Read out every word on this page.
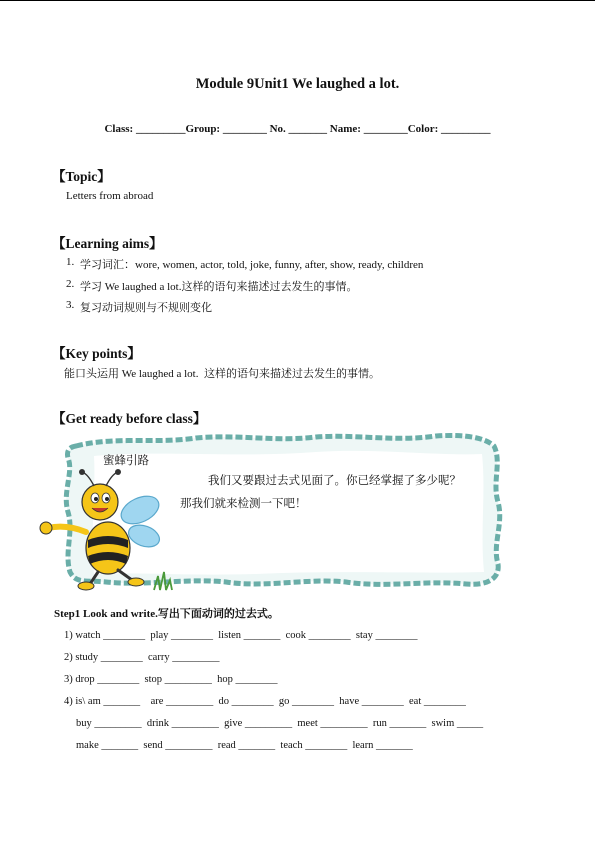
Module 9Unit1 We laughed a lot.
Class: _________Group: ________ No. _______ Name: ________Color: _________
【Topic】
Letters from abroad
【Learning aims】
1. 学习词汇：wore, women, actor, told, joke, funny, after, show, ready, children
2. 学习 We laughed a lot.这样的语句来描述过去发生的事情。
3. 复习动词规则与不规则变化
【Key points】
能口头运用 We laughed a lot.  这样的语句来描述过去发生的事情。
【Get ready before class】
蜜蜂引路
我们又要跟过去式见面了。你已经掌握了多少呢？
那我们就来检测一下吧！
Step1 Look and write.写出下面动词的过去式。
1) watch ________  play ________  listen _______  cook ________  stay ________
2) study ________  carry _________
3) drop ________  stop _________  hop ________
4) is\ am _______    are _________  do ________  go ________  have ________  eat ________
buy _________  drink _________  give _________  meet _________  run _______  swim _____
make _______  send _________  read _______  teach ________  learn _______
